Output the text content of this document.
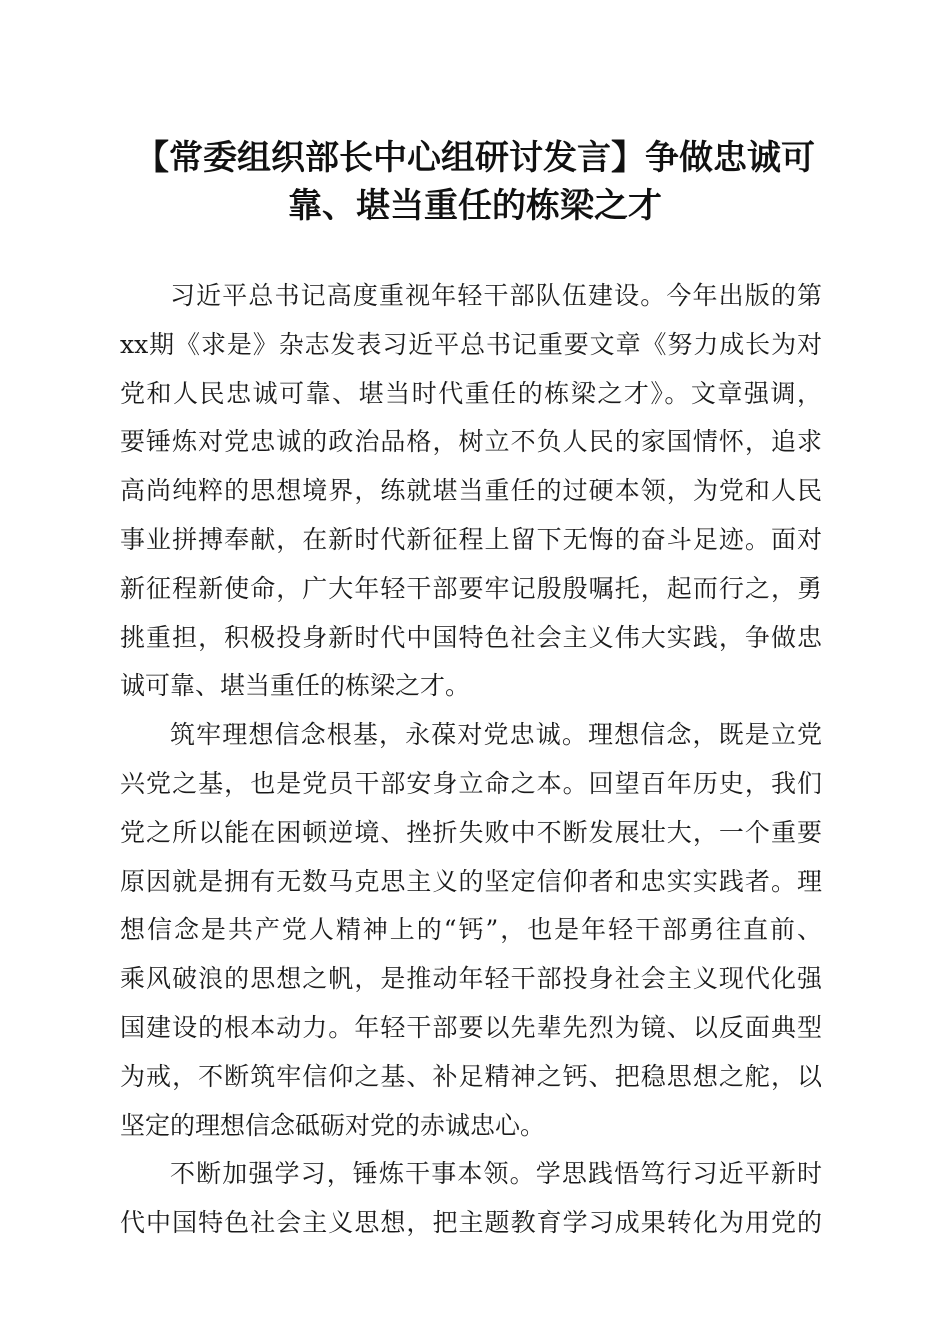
【常委组织部长中心组研讨发言】争做忠诚可
靠、堪当重任的栋梁之才
习近平总书记高度重视年轻干部队伍建设。今年出版的第
xx期《求是》杂志发表习近平总书记重要文章《努力成长为对
党和人民忠诚可靠、堪当时代重任的栋梁之才》。文章强调，
要锤炼对党忠诚的政治品格，树立不负人民的家国情怀，追求
高尚纯粹的思想境界，练就堪当重任的过硬本领，为党和人民
事业拼搏奉献，在新时代新征程上留下无悔的奋斗足迹。面对
新征程新使命，广大年轻干部要牢记殷殷嘱托，起而行之，勇
挑重担，积极投身新时代中国特色社会主义伟大实践，争做忠
诚可靠、堪当重任的栋梁之才。
筑牢理想信念根基，永葆对党忠诚。理想信念，既是立党
兴党之基，也是党员干部安身立命之本。回望百年历史，我们
党之所以能在困顿逆境、挫折失败中不断发展壮大，一个重要
原因就是拥有无数马克思主义的坚定信仰者和忠实实践者。理
想信念是共产党人精神上的“钙”，也是年轻干部勇往直前、
乘风破浪的思想之帆，是推动年轻干部投身社会主义现代化强
国建设的根本动力。年轻干部要以先辈先烈为镜、以反面典型
为戒，不断筑牢信仰之基、补足精神之钙、把稳思想之舵，以
坚定的理想信念砥砺对党的赤诚忠心。
不断加强学习，锤炼干事本领。学思践悟笃行习近平新时
代中国特色社会主义思想，把主题教育学习成果转化为用党的
